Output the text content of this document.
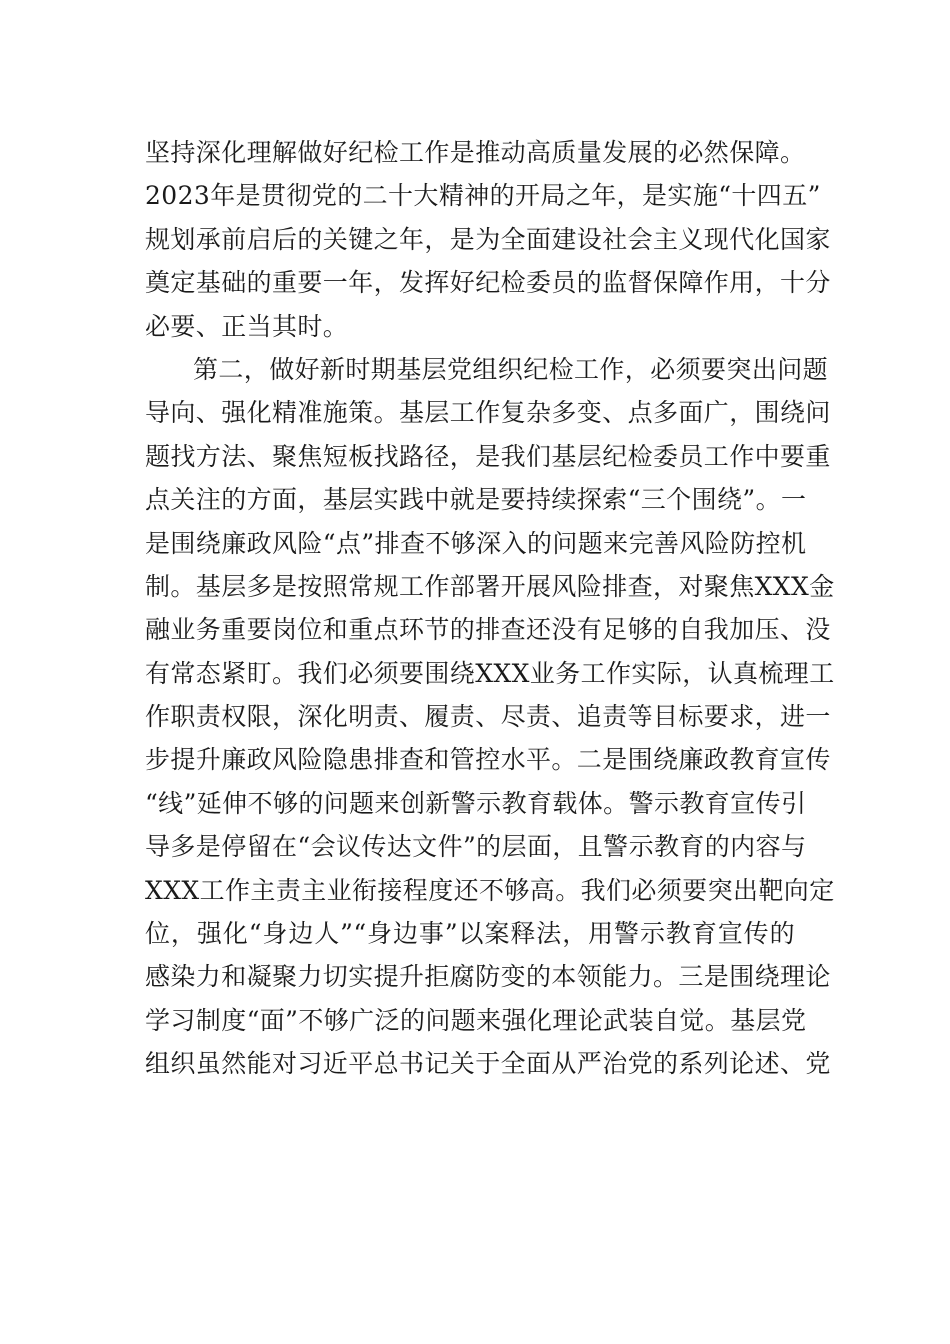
坚持深化理解做好纪检工作是推动高质量发展的必然保障。
2023年是贯彻党的二十大精神的开局之年，是实施“十四五”
规划承前启后的关键之年，是为全面建设社会主义现代化国家
奠定基础的重要一年，发挥好纪检委员的监督保障作用，十分
必要、正当其时。
第二，做好新时期基层党组织纪检工作，必须要突出问题
导向、强化精准施策。基层工作复杂多变、点多面广，围绕问
题找方法、聚焦短板找路径，是我们基层纪检委员工作中要重
点关注的方面，基层实践中就是要持续探索“三个围绕”。一
是围绕廉政风险“点”排查不够深入的问题来完善风险防控机
制。基层多是按照常规工作部署开展风险排查，对聚焦XXX金
融业务重要岗位和重点环节的排查还没有足够的自我加压、没
有常态紧盯。我们必须要围绕XXX业务工作实际，认真梳理工
作职责权限，深化明责、履责、尽责、追责等目标要求，进一
步提升廉政风险隐患排查和管控水平。二是围绕廉政教育宣传
“线”延伸不够的问题来创新警示教育载体。警示教育宣传引
导多是停留在“会议传达文件”的层面，且警示教育的内容与
XXX工作主责主业衔接程度还不够高。我们必须要突出靶向定
位，强化“身边人”“身边事”以案释法，用警示教育宣传的
感染力和凝聚力切实提升拒腐防变的本领能力。三是围绕理论
学习制度“面”不够广泛的问题来强化理论武装自觉。基层党
组织虽然能对习近平总书记关于全面从严治党的系列论述、党
